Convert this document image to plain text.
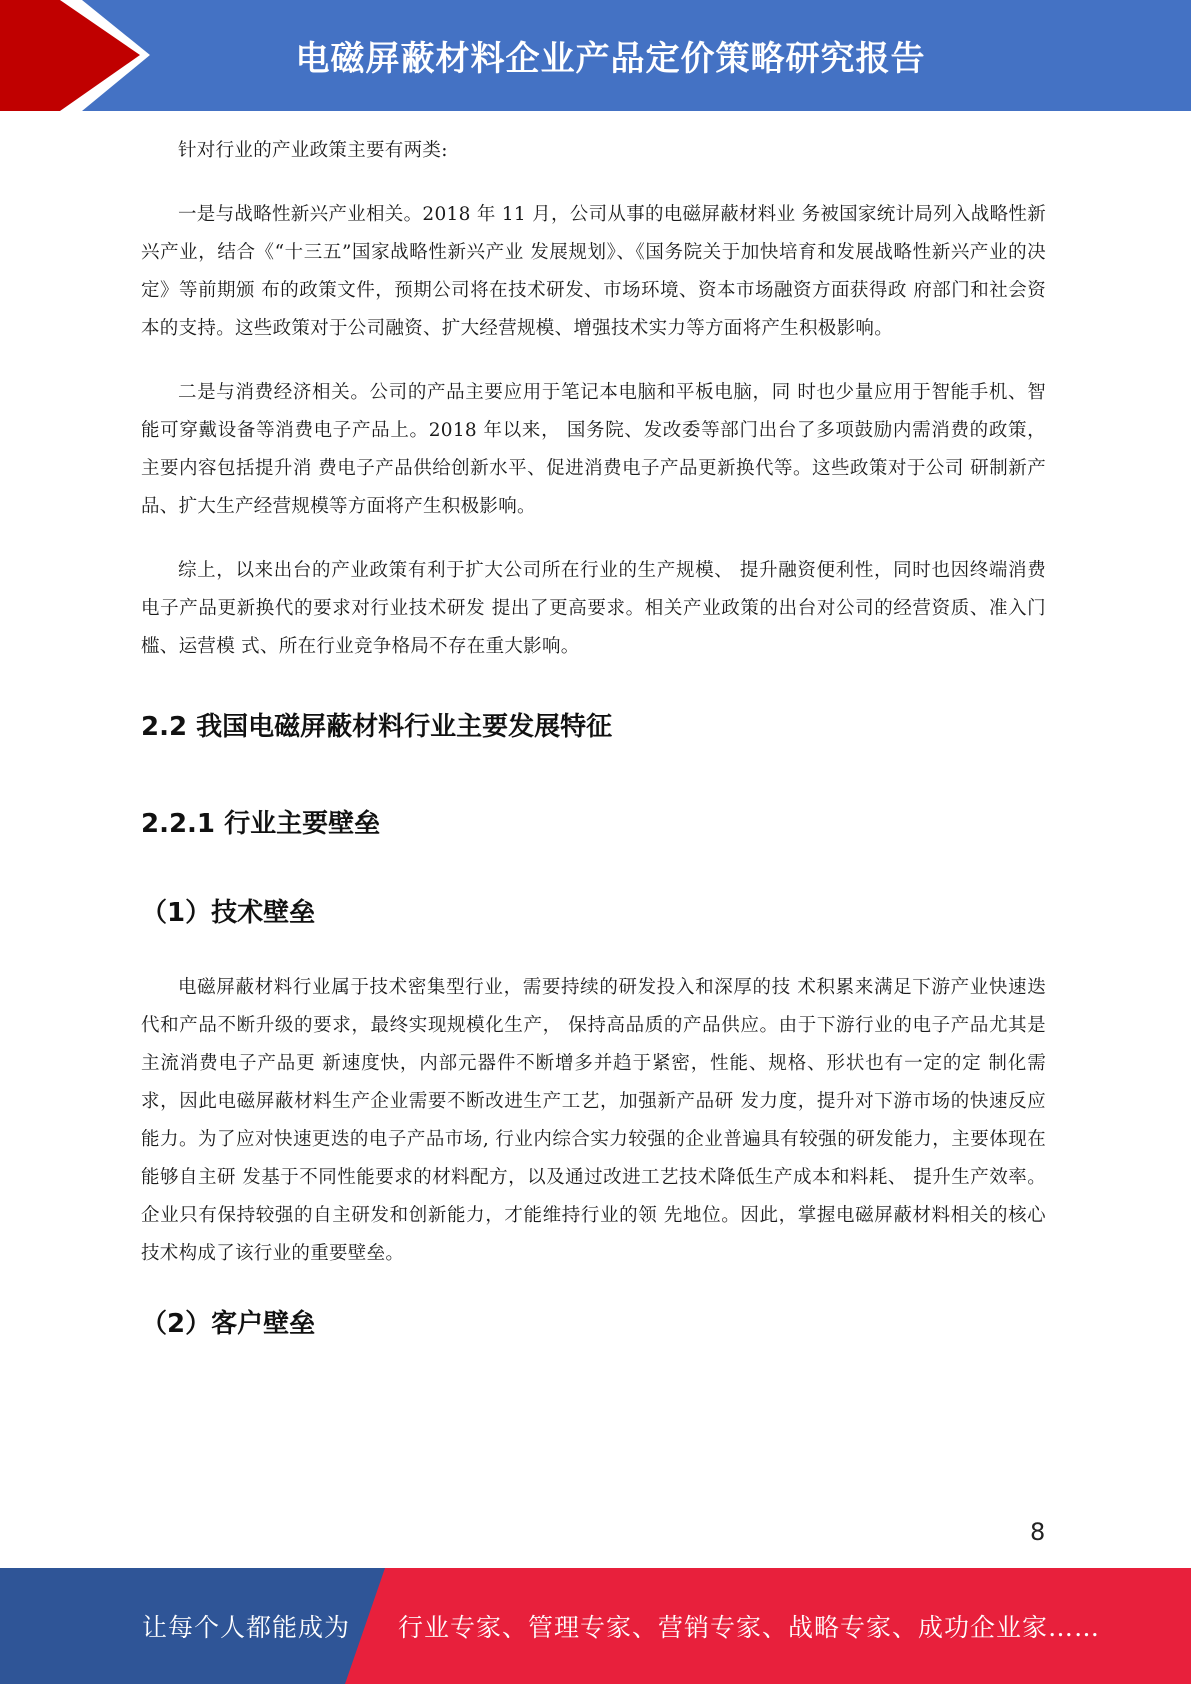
电磁屏蔽材料企业产品定价策略研究报告

针对行业的产业政策主要有两类:

一是与战略性新兴产业相关。2018 年 11 月，公司从事的电磁屏蔽材料业 务被国家统计局列入战略性新兴产业，结合《“十三五”国家战略性新兴产业 发展规划》、《国务院关于加快培育和发展战略性新兴产业的决定》等前期颁 布的政策文件，预期公司将在技术研发、市场环境、资本市场融资方面获得政 府部门和社会资本的支持。这些政策对于公司融资、扩大经营规模、增强技术实力等方面将产生积极影响。

二是与消费经济相关。公司的产品主要应用于笔记本电脑和平板电脑，同 时也少量应用于智能手机、智能可穿戴设备等消费电子产品上。2018 年以来， 国务院、发改委等部门出台了多项鼓励内需消费的政策，主要内容包括提升消 费电子产品供给创新水平、促进消费电子产品更新换代等。这些政策对于公司 研制新产品、扩大生产经营规模等方面将产生积极影响。

综上，以来出台的产业政策有利于扩大公司所在行业的生产规模、 提升融资便利性，同时也因终端消费电子产品更新换代的要求对行业技术研发 提出了更高要求。相关产业政策的出台对公司的经营资质、准入门槛、运营模 式、所在行业竞争格局不存在重大影响。

2.2 我国电磁屏蔽材料行业主要发展特征
2.2.1 行业主要壁垒
（1）技术壁垒

电磁屏蔽材料行业属于技术密集型行业，需要持续的研发投入和深厚的技 术积累来满足下游产业快速迭代和产品不断升级的要求，最终实现规模化生产， 保持高品质的产品供应。由于下游行业的电子产品尤其是主流消费电子产品更 新速度快，内部元器件不断增多并趋于紧密，性能、规格、形状也有一定的定 制化需求，因此电磁屏蔽材料生产企业需要不断改进生产工艺，加强新产品研 发力度，提升对下游市场的快速反应能力。为了应对快速更迭的电子产品市场, 行业内综合实力较强的企业普遍具有较强的研发能力，主要体现在能够自主研 发基于不同性能要求的材料配方，以及通过改进工艺技术降低生产成本和料耗、 提升生产效率。企业只有保持较强的自主研发和创新能力，才能维持行业的领 先地位。因此，掌握电磁屏蔽材料相关的核心技术构成了该行业的重要壁垒。

（2）客户壁垒
8
让每个人都能成为 行业专家、管理专家、营销专家、战略专家、成功企业家……
